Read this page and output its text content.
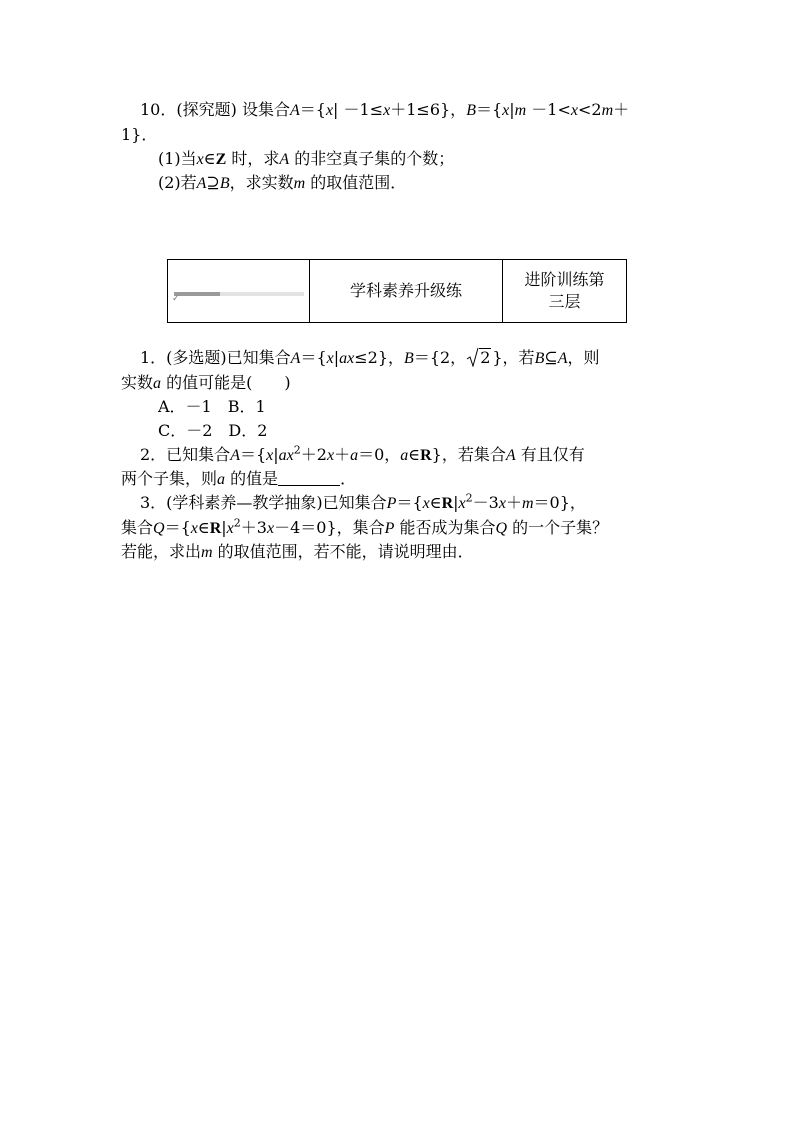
10．(探究题) 设集合A＝{x| －1≤x＋1≤6}，B＝{x|m －1<x<2m＋
1}．
(1)当x∈Z 时，求A 的非空真子集的个数；
(2)若A⊇B，求实数m 的取值范围．
✓	学科素养升级练	
进阶训练第
三层
1．(多选题)已知集合A＝{x|ax≤2}，B＝{2， 2 }，若B⊆A，则
实数a 的值可能是(　　)
A．－1　B．1
C．－2　D．2
2．已知集合$A=\{x|ax^2+2x+a=0$，a∈R}，若集合A 有且仅有
两个子集，则a 的值是	．
3．(学科素养—教学抽象)已知集合$P=\{x\in R|x^2-3x+m=0\}$，
集合$Q=\{x\in R|x^2+3x-4=0\}$，集合P 能否成为集合Q 的一个子集？
若能，求出m 的取值范围，若不能，请说明理由．
